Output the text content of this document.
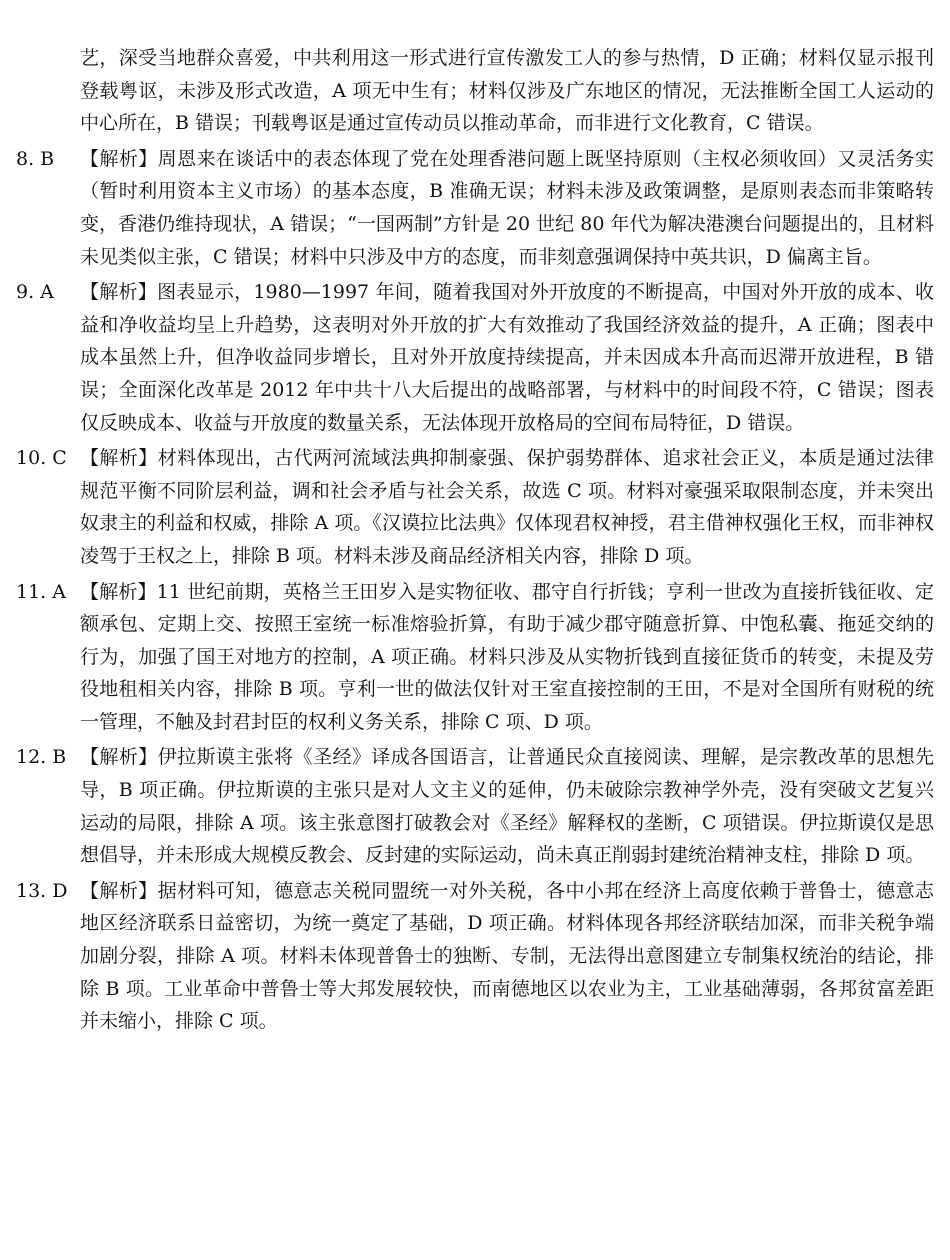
艺，深受当地群众喜爱，中共利用这一形式进行宣传激发工人的参与热情，D 正确；材料仅显示报刊登载粤讴，未涉及形式改造，A 项无中生有；材料仅涉及广东地区的情况，无法推断全国工人运动的中心所在，B 错误；刊载粤讴是通过宣传动员以推动革命，而非进行文化教育，C 错误。

8. B	【解析】周恩来在谈话中的表态体现了党在处理香港问题上既坚持原则（主权必须收回）又灵活务实（暂时利用资本主义市场）的基本态度，B 准确无误；材料未涉及政策调整，是原则表态而非策略转变，香港仍维持现状，A 错误；“一国两制”方针是 20 世纪 80 年代为解决港澳台问题提出的，且材料未见类似主张，C 错误；材料中只涉及中方的态度，而非刻意强调保持中英共识，D 偏离主旨。

9. A	【解析】图表显示，1980—1997 年间，随着我国对外开放度的不断提高，中国对外开放的成本、收益和净收益均呈上升趋势，这表明对外开放的扩大有效推动了我国经济效益的提升，A 正确；图表中成本虽然上升，但净收益同步增长，且对外开放度持续提高，并未因成本升高而迟滞开放进程，B 错误；全面深化改革是 2012 年中共十八大后提出的战略部署，与材料中的时间段不符，C 错误；图表仅反映成本、收益与开放度的数量关系，无法体现开放格局的空间布局特征，D 错误。

10. C 【解析】材料体现出，古代两河流域法典抑制豪强、保护弱势群体、追求社会正义，本质是通过法律规范平衡不同阶层利益，调和社会矛盾与社会关系，故选 C 项。材料对豪强采取限制态度，并未突出奴隶主的利益和权威，排除 A 项。《汉谟拉比法典》仅体现君权神授，君主借神权强化王权，而非神权凌驾于王权之上，排除 B 项。材料未涉及商品经济相关内容，排除 D 项。

11. A 【解析】11 世纪前期，英格兰王田岁入是实物征收、郡守自行折钱；亨利一世改为直接折钱征收、定额承包、定期上交、按照王室统一标准熔验折算，有助于减少郡守随意折算、中饱私囊、拖延交纳的行为，加强了国王对地方的控制，A 项正确。材料只涉及从实物折钱到直接征货币的转变，未提及劳役地租相关内容，排除 B 项。亨利一世的做法仅针对王室直接控制的王田，不是对全国所有财税的统一管理，不触及封君封臣的权利义务关系，排除 C 项、D 项。

12. B 【解析】伊拉斯谟主张将《圣经》译成各国语言，让普通民众直接阅读、理解，是宗教改革的思想先导，B 项正确。伊拉斯谟的主张只是对人文主义的延伸，仍未破除宗教神学外壳，没有突破文艺复兴运动的局限，排除 A 项。该主张意图打破教会对《圣经》解释权的垄断，C 项错误。伊拉斯谟仅是思想倡导，并未形成大规模反教会、反封建的实际运动，尚未真正削弱封建统治精神支柱，排除 D 项。

13. D 【解析】据材料可知，德意志关税同盟统一对外关税，各中小邦在经济上高度依赖于普鲁士，德意志地区经济联系日益密切，为统一奠定了基础，D 项正确。材料体现各邦经济联结加深，而非关税争端加剧分裂，排除 A 项。材料未体现普鲁士的独断、专制，无法得出意图建立专制集权统治的结论，排除 B 项。工业革命中普鲁士等大邦发展较快，而南德地区以农业为主，工业基础薄弱，各邦贫富差距并未缩小，排除 C 项。
